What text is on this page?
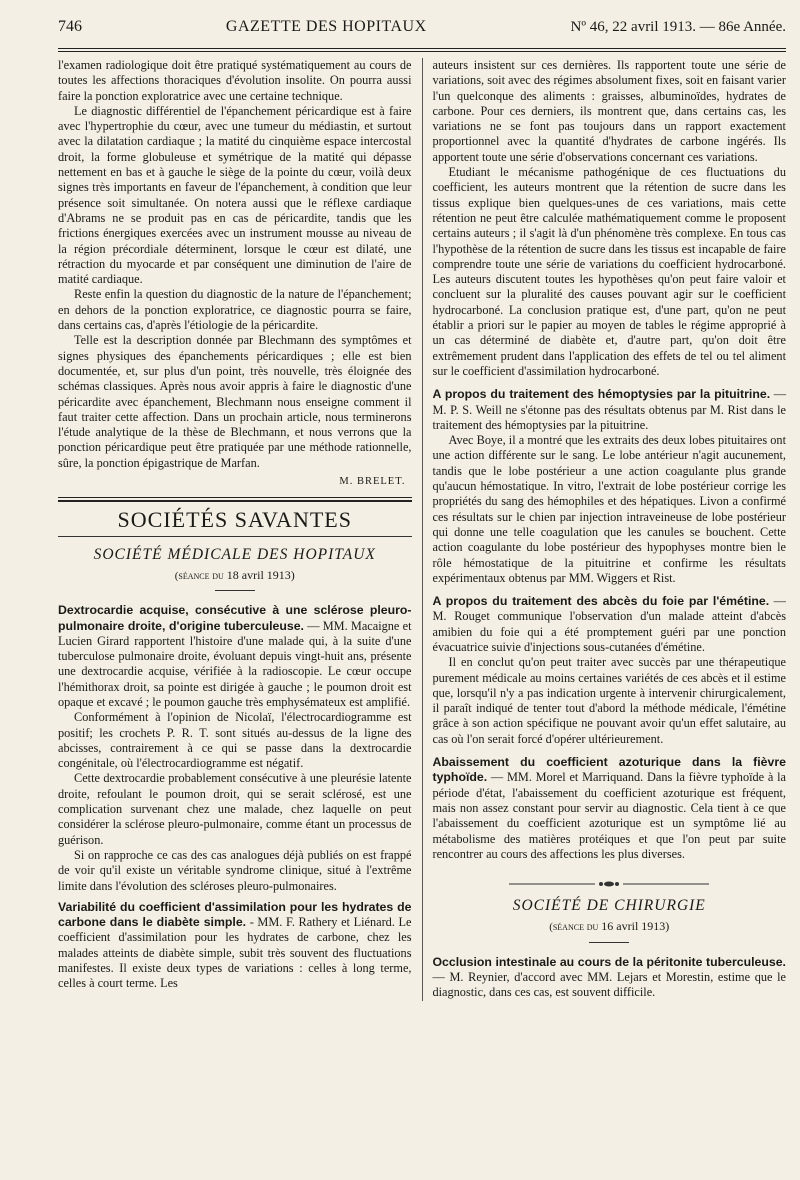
746	GAZETTE DES HOPITAUX	Nº 46, 22 avril 1913. — 86e Année.

l'examen radiologique doit être pratiqué systématiquement au cours de toutes les affections thoraciques d'évolution insolite. On pourra aussi faire la ponction exploratrice avec une certaine technique.

Le diagnostic différentiel de l'épanchement péricardique est à faire avec l'hypertrophie du cœur, avec une tumeur du médiastin, et surtout avec la dilatation cardiaque ; la matité du cinquième espace intercostal droit, la forme globuleuse et symétrique de la matité qui dépasse nettement en bas et à gauche le siège de la pointe du cœur, voilà deux signes très importants en faveur de l'épanchement, à condition que leur présence soit simultanée. On notera aussi que le réflexe cardiaque d'Abrams ne se produit pas en cas de péricardite, tandis que les frictions énergiques exercées avec un instrument mousse au niveau de la région précordiale déterminent, lorsque le cœur est dilaté, une rétraction du myocarde et par conséquent une diminution de l'aire de matité cardiaque.

Reste enfin la question du diagnostic de la nature de l'épanchement; en dehors de la ponction exploratrice, ce diagnostic pourra se faire, dans certains cas, d'après l'étiologie de la péricardite.

Telle est la description donnée par Blechmann des symptômes et signes physiques des épanchements péricardiques ; elle est bien documentée, et, sur plus d'un point, très nouvelle, très éloignée des schémas classiques. Après nous avoir appris à faire le diagnostic d'une péricardite avec épanchement, Blechmann nous enseigne comment il faut traiter cette affection. Dans un prochain article, nous terminerons l'étude analytique de la thèse de Blechmann, et nous verrons que la ponction péricardique peut être pratiquée par une méthode rationnelle, sûre, la ponction épigastrique de Marfan.

M. BRELET.
SOCIÉTÉS SAVANTES
SOCIÉTÉ MÉDICALE DES HOPITAUX
(séance du 18 avril 1913)

Dextrocardie acquise, consécutive à une sclérose pleuro-pulmonaire droite, d'origine tuberculeuse. — MM. Macaigne et Lucien Girard rapportent l'histoire d'une malade qui, à la suite d'une tuberculose pulmonaire droite, évoluant depuis vingt-huit ans, présente une dextrocardie acquise, vérifiée à la radioscopie. Le cœur occupe l'hémithorax droit, sa pointe est dirigée à gauche ; le poumon droit est opaque et excavé ; le poumon gauche très emphysémateux est amplifié.

Conformément à l'opinion de Nicolaï, l'électrocardiogramme est positif; les crochets P. R. T. sont situés au-dessus de la ligne des abcisses, contrairement à ce qui se passe dans la dextrocardie congénitale, où l'électrocardiogramme est négatif.

Cette dextrocardie probablement consécutive à une pleurésie latente droite, refoulant le poumon droit, qui se serait sclérosé, est une complication survenant chez une malade, chez laquelle on peut considérer la sclérose pleuro-pulmonaire, comme étant un processus de guérison.

Si on rapproche ce cas des cas analogues déjà publiés on est frappé de voir qu'il existe un véritable syndrome clinique, situé à l'extrême limite dans l'évolution des scléroses pleuro-pulmonaires.

Variabilité du coefficient d'assimilation pour les hydrates de carbone dans le diabète simple. - MM. F. Rathery et Liénard. Le coefficient d'assimilation pour les hydrates de carbone, chez les malades atteints de diabète simple, subit très souvent des fluctuations manifestes. Il existe deux types de variations : celles à long terme, celles à court terme. Les

auteurs insistent sur ces dernières. Ils rapportent toute une série de variations, soit avec des régimes absolument fixes, soit en faisant varier l'un quelconque des aliments : graisses, albuminoïdes, hydrates de carbone. Pour ces derniers, ils montrent que, dans certains cas, les variations ne se font pas toujours dans un rapport exactement proportionnel avec la quantité d'hydrates de carbone ingérés. Ils apportent toute une série d'observations concernant ces variations.

Etudiant le mécanisme pathogénique de ces fluctuations du coefficient, les auteurs montrent que la rétention de sucre dans les tissus explique bien quelques-unes de ces variations, mais cette rétention ne peut être calculée mathématiquement comme le proposent certains auteurs ; il s'agit là d'un phénomène très complexe. En tous cas l'hypothèse de la rétention de sucre dans les tissus est incapable de faire comprendre toute une série de variations du coefficient hydrocarboné. Les auteurs discutent toutes les hypothèses qu'on peut faire valoir et concluent sur la pluralité des causes pouvant agir sur le coefficient hydrocarboné. La conclusion pratique est, d'une part, qu'on ne peut établir a priori sur le papier au moyen de tables le régime approprié à un cas déterminé de diabète et, d'autre part, qu'on doit être extrêmement prudent dans l'application des effets de tel ou tel aliment sur le coefficient d'assimilation hydrocarboné.

A propos du traitement des hémoptysies par la pituitrine. — M. P. S. Weill ne s'étonne pas des résultats obtenus par M. Rist dans le traitement des hémoptysies par la pituitrine.

Avec Boye, il a montré que les extraits des deux lobes pituitaires ont une action différente sur le sang. Le lobe antérieur n'agit aucunement, tandis que le lobe postérieur a une action coagulante plus grande qu'aucun hémostatique. In vitro, l'extrait de lobe postérieur corrige les propriétés du sang des hémophiles et des hépatiques. Livon a confirmé ces résultats sur le chien par injection intraveineuse de lobe postérieur qui donne une telle coagulation que les canules se bouchent. Cette action coagulante du lobe postérieur des hypophyses montre bien le rôle hémostatique de la pituitrine et confirme les résultats expérimentaux obtenus par MM. Wiggers et Rist.

A propos du traitement des abcès du foie par l'émétine. — M. Rouget communique l'observation d'un malade atteint d'abcès amibien du foie qui a été promptement guéri par une ponction évacuatrice suivie d'injections sous-cutanées d'émétine.

Il en conclut qu'on peut traiter avec succès par une thérapeutique purement médicale au moins certaines variétés de ces abcès et il estime que, lorsqu'il n'y a pas indication urgente à intervenir chirurgicalement, il paraît indiqué de tenter tout d'abord la méthode médicale, l'émétine grâce à son action spécifique ne pouvant avoir qu'un effet salutaire, au cas où l'on serait forcé d'opérer ultérieurement.

Abaissement du coefficient azoturique dans la fièvre typhoïde. — MM. Morel et Marriquand. Dans la fièvre typhoïde à la période d'état, l'abaissement du coefficient azoturique est fréquent, mais non assez constant pour servir au diagnostic. Cela tient à ce que l'abaissement du coefficient azoturique est un symptôme lié au métabolisme des matières protéiques et que l'on peut par suite rencontrer au cours des affections les plus diverses.

SOCIÉTÉ DE CHIRURGIE
(séance du 16 avril 1913)

Occlusion intestinale au cours de la péritonite tuberculeuse. — M. Reynier, d'accord avec MM. Lejars et Morestin, estime que le diagnostic, dans ces cas, est souvent difficile.
